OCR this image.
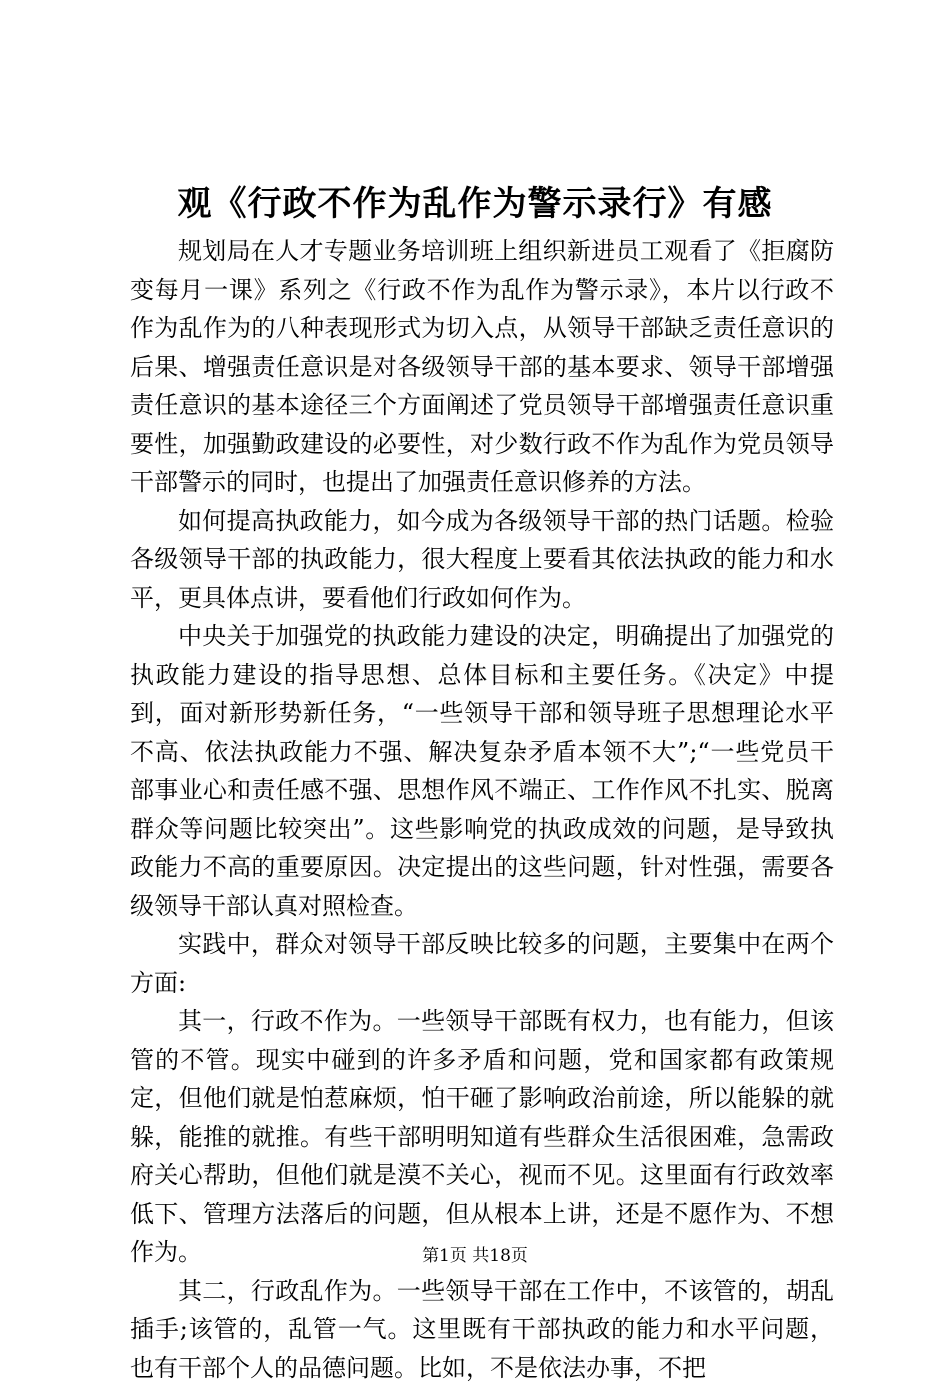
观《行政不作为乱作为警示录行》有感

规划局在人才专题业务培训班上组织新进员工观看了《拒腐防变每月一课》系列之《行政不作为乱作为警示录》，本片以行政不作为乱作为的八种表现形式为切入点，从领导干部缺乏责任意识的后果、增强责任意识是对各级领导干部的基本要求、领导干部增强责任意识的基本途径三个方面阐述了党员领导干部增强责任意识重要性，加强勤政建设的必要性，对少数行政不作为乱作为党员领导干部警示的同时，也提出了加强责任意识修养的方法。

如何提高执政能力，如今成为各级领导干部的热门话题。检验各级领导干部的执政能力，很大程度上要看其依法执政的能力和水平，更具体点讲，要看他们行政如何作为。

中央关于加强党的执政能力建设的决定，明确提出了加强党的执政能力建设的指导思想、总体目标和主要任务。《决定》中提到，面对新形势新任务，“一些领导干部和领导班子思想理论水平不高、依法执政能力不强、解决复杂矛盾本领不大”;“一些党员干部事业心和责任感不强、思想作风不端正、工作作风不扎实、脱离群众等问题比较突出”。这些影响党的执政成效的问题，是导致执政能力不高的重要原因。决定提出的这些问题，针对性强，需要各级领导干部认真对照检查。

实践中，群众对领导干部反映比较多的问题，主要集中在两个方面:

其一，行政不作为。一些领导干部既有权力，也有能力，但该管的不管。现实中碰到的许多矛盾和问题，党和国家都有政策规定，但他们就是怕惹麻烦，怕干砸了影响政治前途，所以能躲的就躲，能推的就推。有些干部明明知道有些群众生活很困难，急需政府关心帮助，但他们就是漠不关心，视而不见。这里面有行政效率低下、管理方法落后的问题，但从根本上讲，还是不愿作为、不想作为。

其二，行政乱作为。一些领导干部在工作中，不该管的，胡乱插手;该管的，乱管一气。这里既有干部执政的能力和水平问题，也有干部个人的品德问题。比如，不是依法办事，不把

第1页 共18页
